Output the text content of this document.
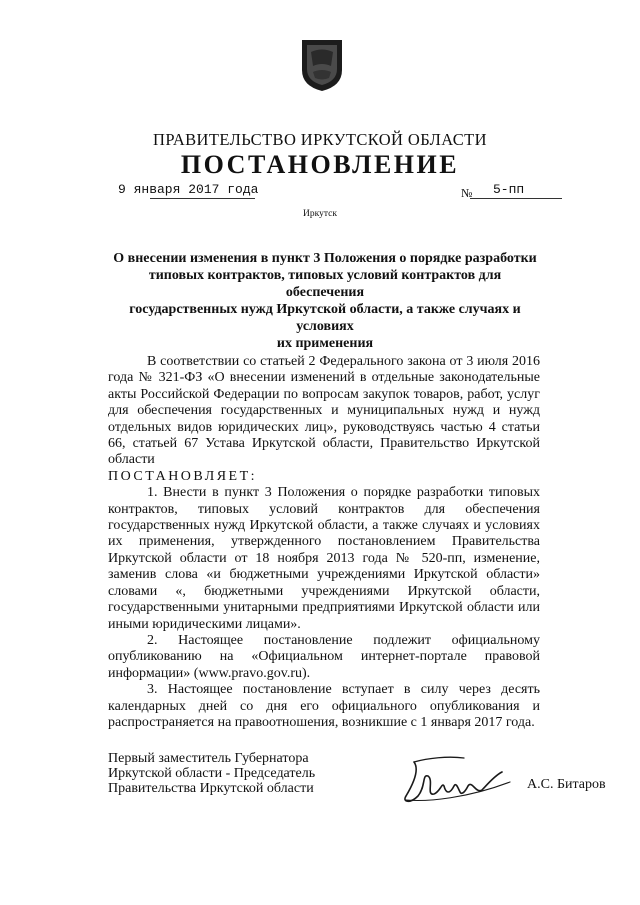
ПРАВИТЕЛЬСТВО ИРКУТСКОЙ ОБЛАСТИ
ПОСТАНОВЛЕНИЕ
9 января 2017 года	№ 5-пп
Иркутск
О внесении изменения в пункт 3 Положения о порядке разработки
типовых контрактов, типовых условий контрактов для обеспечения
государственных нужд Иркутской области, а также случаях и условиях
их применения

В соответствии со статьей 2 Федерального закона от 3 июля 2016 года № 321-ФЗ «О внесении изменений в отдельные законодательные акты Российской Федерации по вопросам закупок товаров, работ, услуг для обеспечения государственных и муниципальных нужд и нужд отдельных видов юридических лиц», руководствуясь частью 4 статьи 66, статьей 67 Устава Иркутской области, Правительство Иркутской области

ПОСТАНОВЛЯЕТ:

1. Внести в пункт 3 Положения о порядке разработки типовых контрактов, типовых условий контрактов для обеспечения государственных нужд Иркутской области, а также случаях и условиях их применения, утвержденного постановлением Правительства Иркутской области от 18 ноября 2013 года № 520-пп, изменение, заменив слова «и бюджетными учреждениями Иркутской области» словами «, бюджетными учреждениями Иркутской области, государственными унитарными предприятиями Иркутской области или иными юридическими лицами».

2. Настоящее постановление подлежит официальному опубликованию на «Официальном интернет-портале правовой информации» (www.pravo.gov.ru).

3. Настоящее постановление вступает в силу через десять календарных дней со дня его официального опубликования и распространяется на правоотношения, возникшие с 1 января 2017 года.

Первый заместитель Губернатора
Иркутской области - Председатель
Правительства Иркутской области	А.С. Битаров
